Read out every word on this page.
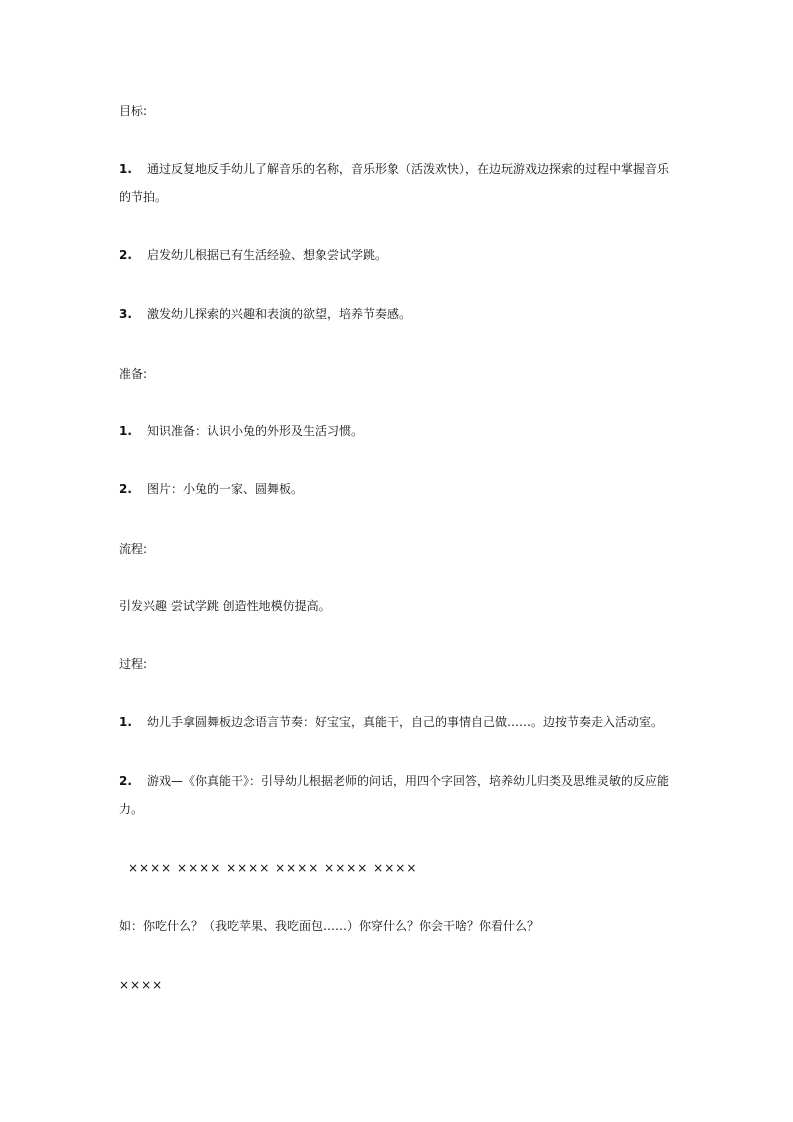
目标:
1. 通过反复地反手幼儿了解音乐的名称，音乐形象（活泼欢快），在边玩游戏边探索的过程中掌握音乐的节拍。
2. 启发幼儿根据已有生活经验、想象尝试学跳。
3. 激发幼儿探索的兴趣和表演的欲望，培养节奏感。
准备:
1. 知识准备：认识小兔的外形及生活习惯。
2. 图片：小兔的一家、圆舞板。
流程:
引发兴趣 尝试学跳 创造性地模仿提高。
过程:
1. 幼儿手拿圆舞板边念语言节奏：好宝宝，真能干，自己的事情自己做……。边按节奏走入活动室。
2. 游戏—《你真能干》：引导幼儿根据老师的问话，用四个字回答，培养幼儿归类及思维灵敏的反应能力。
×××× ×××× ×××× ×××× ×××× ××××
如：你吃什么？（我吃苹果、我吃面包……）你穿什么？你会干啥？你看什么？
××××
